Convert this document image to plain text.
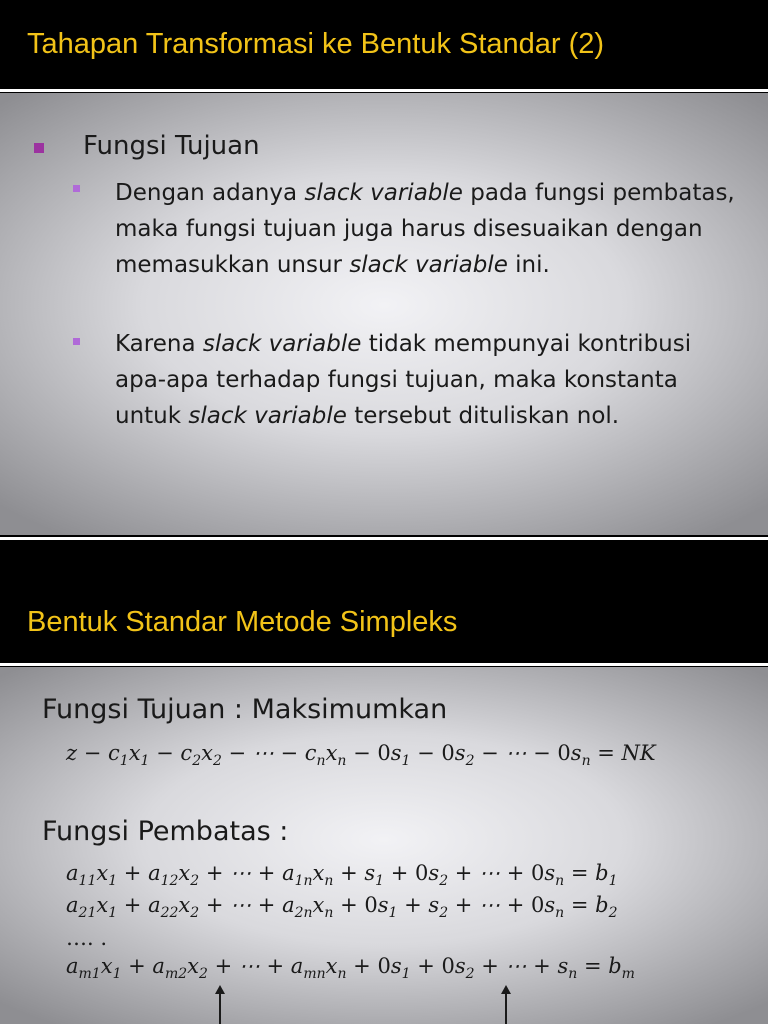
Tahapan Transformasi ke Bentuk Standar (2)
Fungsi Tujuan
Dengan adanya slack variable pada fungsi pembatas, maka fungsi tujuan juga harus disesuaikan dengan memasukkan unsur slack variable ini.
Karena slack variable tidak mempunyai kontribusi apa-apa terhadap fungsi tujuan, maka konstanta untuk slack variable tersebut dituliskan nol.
Bentuk Standar Metode Simpleks
Fungsi Tujuan : Maksimumkan
$z - c_1x_1 - c_2x_2$ − ⋯ − $c_nx_n - 0s_1 - 0s_2$ − ⋯ − $0s_n$ = NK
Fungsi Pembatas :
$a_{11}x_1 + a_{12}x_2$ + ⋯ + $a_{1n}x_n + s_1 + 0s_2$ + ⋯ + $0s_n = b_1$
$a_{21}x_1 + a_{22}x_2$ + ⋯ + $a_{2n}x_n + 0s_1 + s_2$ + ⋯ + $0s_n = b_2$
…. .
$a_{m1}x_1 + a_{m2}x_2$ + ⋯ + $a_{mn}x_n + 0s_1 + 0s_2$ + ⋯ + $s_n = b_m$
